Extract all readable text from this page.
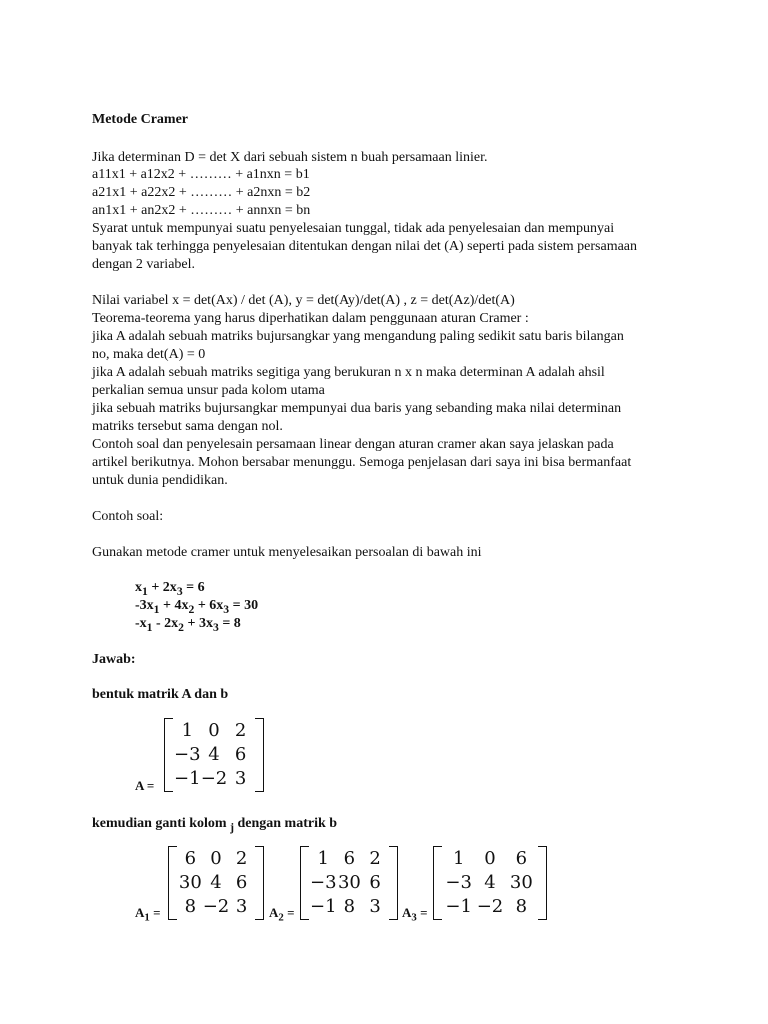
Metode Cramer
Jika determinan D = det X dari sebuah sistem n buah persamaan linier.
a11x1 + a12x2 + ……… + a1nxn = b1
a21x1 + a22x2 + ……… + a2nxn = b2
an1x1 + an2x2 + ……… + annxn = bn
Syarat untuk mempunyai suatu penyelesaian tunggal, tidak ada penyelesaian dan mempunyai
banyak tak terhingga penyelesaian ditentukan dengan nilai det (A) seperti pada sistem persamaan
dengan 2 variabel.
Nilai variabel x = det(Ax) / det (A), y = det(Ay)/det(A) , z = det(Az)/det(A)
Teorema-teorema yang harus diperhatikan dalam penggunaan aturan Cramer :
jika A adalah sebuah matriks bujursangkar yang mengandung paling sedikit satu baris bilangan
no, maka det(A) = 0
jika A adalah sebuah matriks segitiga yang berukuran n x n maka determinan A adalah ahsil
perkalian semua unsur pada kolom utama
jika sebuah matriks bujursangkar mempunyai dua baris yang sebanding maka nilai determinan
matriks tersebut sama dengan nol.
Contoh soal dan penyelesain persamaan linear dengan aturan cramer akan saya jelaskan pada
artikel berikutnya. Mohon bersabar menunggu. Semoga penjelasan dari saya ini bisa bermanfaat
untuk dunia pendidikan.
Contoh soal:
Gunakan metode cramer untuk menyelesaikan persoalan di bawah ini
$x_1 + 2x_3 = 6$
$-3x_1 + 4x_2 + 6x_3 = 30$
$-x_1 - 2x_2 + 3x_3 = 8$
Jawab:
bentuk matrik A dan b
A =
1 0 2
−3 4 6
−1 −2 3
kemudian ganti kolom $_j$ dengan matrik b
$A_1$ =
6 0 2
30 4 6
8 −2 3 $A_2$ =
1 6 2
−3 30 6
−1 8 3 $A_3$ =
1 0 6
−3 4 30
−1 −2 8
